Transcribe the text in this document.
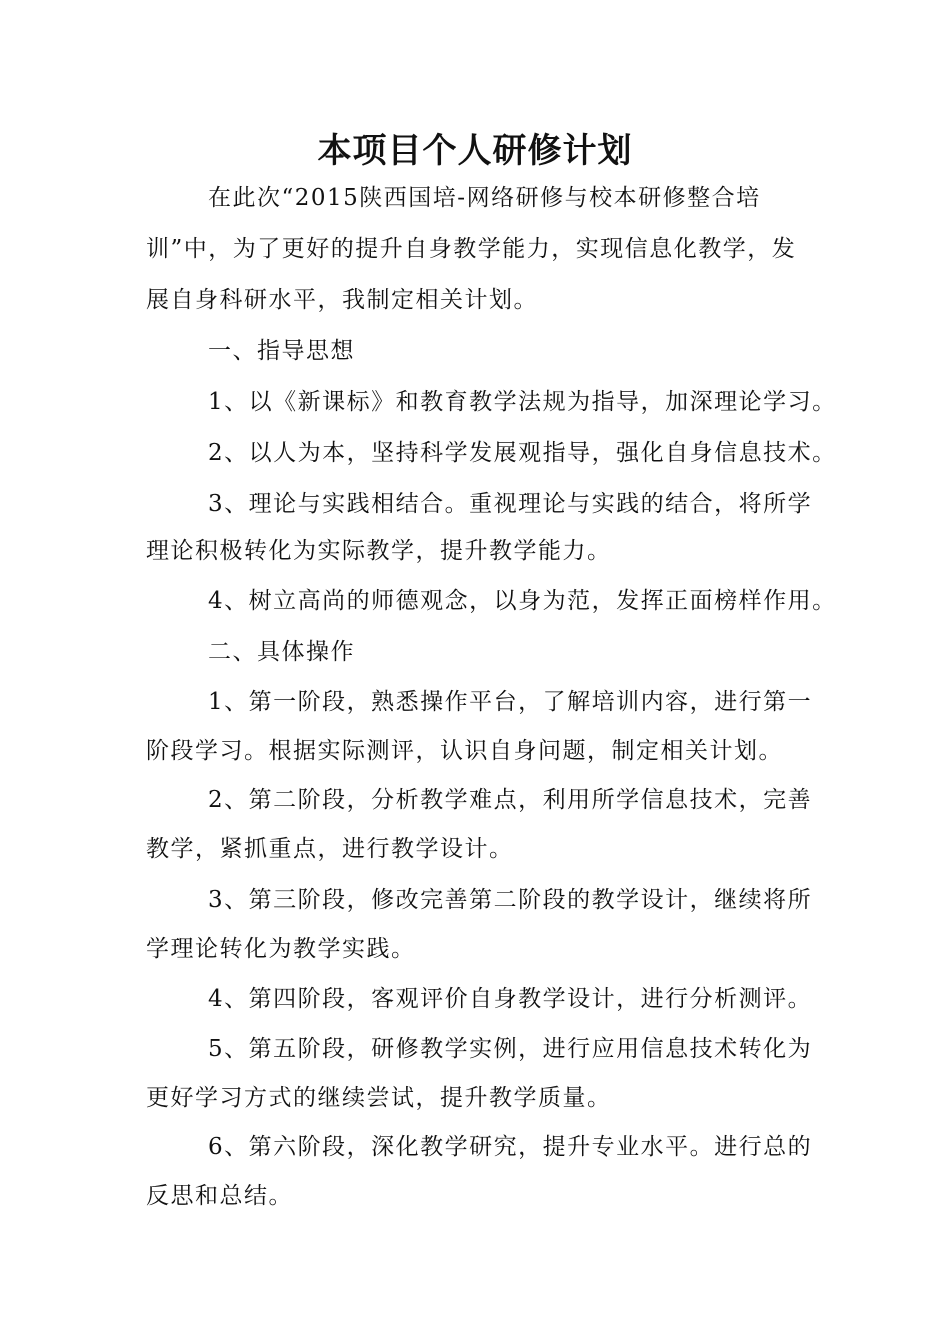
本项目个人研修计划

在此次“2015陕西国培-网络研修与校本研修整合培

训”中，为了更好的提升自身教学能力，实现信息化教学，发

展自身科研水平，我制定相关计划。

一、指导思想

1、以《新课标》和教育教学法规为指导，加深理论学习。

2、以人为本，坚持科学发展观指导，强化自身信息技术。

3、理论与实践相结合。重视理论与实践的结合，将所学

理论积极转化为实际教学，提升教学能力。

4、树立高尚的师德观念，以身为范，发挥正面榜样作用。

二、具体操作

1、第一阶段，熟悉操作平台，了解培训内容，进行第一

阶段学习。根据实际测评，认识自身问题，制定相关计划。

2、第二阶段，分析教学难点，利用所学信息技术，完善

教学，紧抓重点，进行教学设计。

3、第三阶段，修改完善第二阶段的教学设计，继续将所

学理论转化为教学实践。

4、第四阶段，客观评价自身教学设计，进行分析测评。

5、第五阶段，研修教学实例，进行应用信息技术转化为

更好学习方式的继续尝试，提升教学质量。

6、第六阶段，深化教学研究，提升专业水平。进行总的

反思和总结。
